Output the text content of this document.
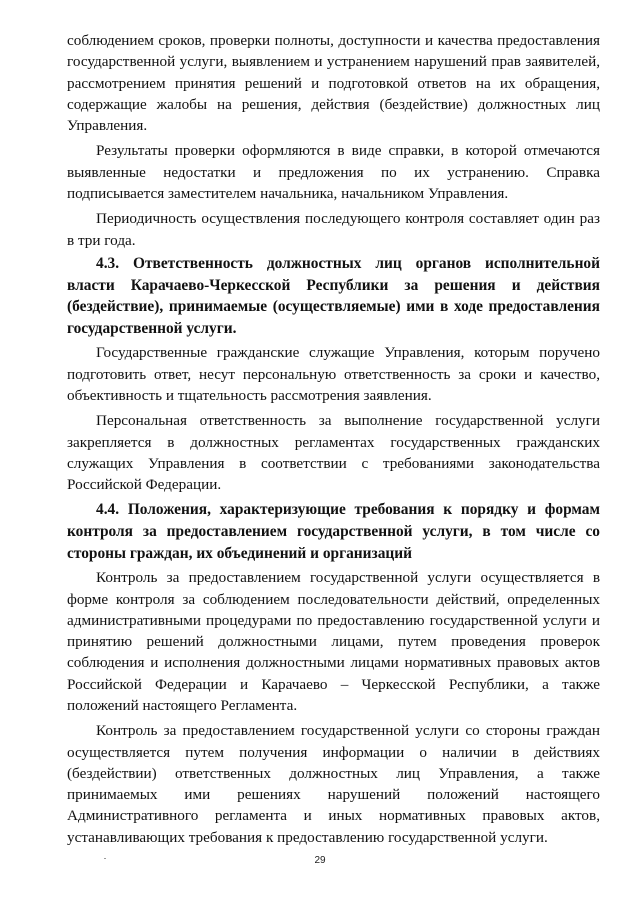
соблюдением сроков, проверки полноты, доступности и качества предоставления государственной услуги, выявлением и устранением нарушений прав заявителей, рассмотрением принятия решений и подготовкой ответов на их обращения, содержащие жалобы на решения, действия (бездействие) должностных лиц Управления.

Результаты проверки оформляются в виде справки, в которой отмечаются выявленные недостатки и предложения по их устранению. Справка подписывается заместителем начальника, начальником Управления.

Периодичность осуществления последующего контроля составляет один раз в три года.

4.3. Ответственность должностных лиц органов исполнительной власти Карачаево-Черкесской Республики за решения и действия (бездействие), принимаемые (осуществляемые) ими в ходе предоставления государственной услуги.

Государственные гражданские служащие Управления, которым поручено подготовить ответ, несут персональную ответственность за сроки и качество, объективность и тщательность рассмотрения заявления.

Персональная ответственность за выполнение государственной услуги закрепляется в должностных регламентах государственных гражданских служащих Управления в соответствии с требованиями законодательства Российской Федерации.

4.4. Положения, характеризующие требования к порядку и формам контроля за предоставлением государственной услуги, в том числе со стороны граждан, их объединений и организаций

Контроль за предоставлением государственной услуги осуществляется в форме контроля за соблюдением последовательности действий, определенных административными процедурами по предоставлению государственной услуги и принятию решений должностными лицами, путем проведения проверок соблюдения и исполнения должностными лицами нормативных правовых актов Российской Федерации и Карачаево – Черкесской Республики, а также положений настоящего Регламента.

Контроль за предоставлением государственной услуги со стороны граждан осуществляется путем получения информации о наличии в действиях (бездействии) ответственных должностных лиц Управления, а также принимаемых ими решениях нарушений положений настоящего Административного регламента и иных нормативных правовых актов, устанавливающих требования к предоставлению государственной услуги.

29
